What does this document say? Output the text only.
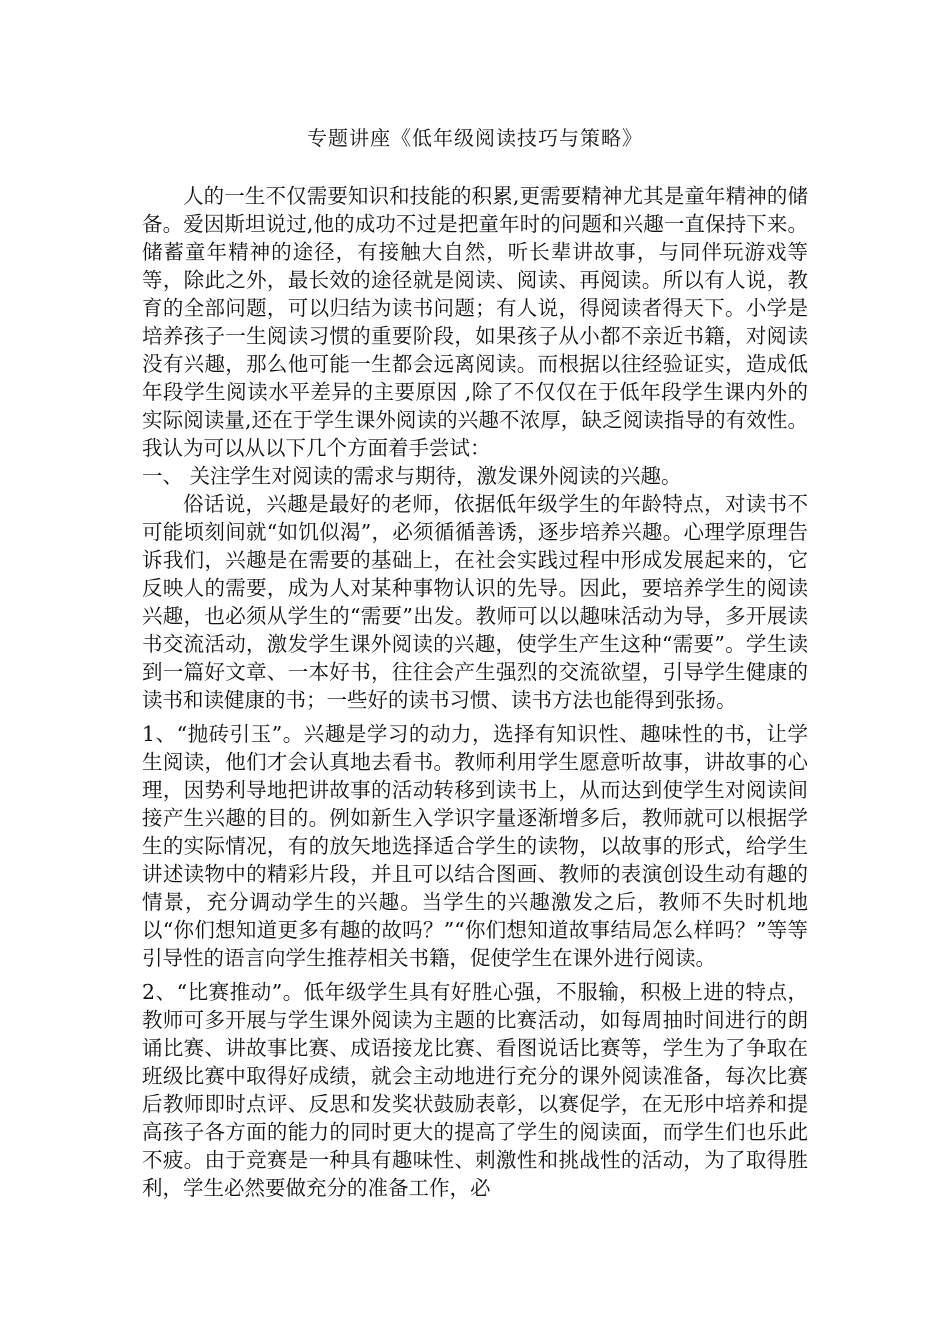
专题讲座《低年级阅读技巧与策略》

人的一生不仅需要知识和技能的积累,更需要精神尤其是童年精神的储备。爱因斯坦说过,他的成功不过是把童年时的问题和兴趣一直保持下来。储蓄童年精神的途径，有接触大自然，听长辈讲故事，与同伴玩游戏等等，除此之外，最长效的途径就是阅读、阅读、再阅读。所以有人说，教育的全部问题，可以归结为读书问题；有人说，得阅读者得天下。小学是培养孩子一生阅读习惯的重要阶段，如果孩子从小都不亲近书籍，对阅读没有兴趣，那么他可能一生都会远离阅读。而根据以往经验证实，造成低年段学生阅读水平差异的主要原因 ,除了不仅仅在于低年段学生课内外的实际阅读量,还在于学生课外阅读的兴趣不浓厚，缺乏阅读指导的有效性。我认为可以从以下几个方面着手尝试：

一、 关注学生对阅读的需求与期待，激发课外阅读的兴趣。

俗话说，兴趣是最好的老师，依据低年级学生的年龄特点，对读书不可能顷刻间就“如饥似渴”，必须循循善诱，逐步培养兴趣。心理学原理告诉我们，兴趣是在需要的基础上，在社会实践过程中形成发展起来的，它反映人的需要，成为人对某种事物认识的先导。因此，要培养学生的阅读兴趣，也必须从学生的“需要”出发。教师可以以趣味活动为导，多开展读书交流活动，激发学生课外阅读的兴趣，使学生产生这种“需要”。学生读到一篇好文章、一本好书，往往会产生强烈的交流欲望，引导学生健康的读书和读健康的书；一些好的读书习惯、读书方法也能得到张扬。

1、“抛砖引玉”。兴趣是学习的动力，选择有知识性、趣味性的书，让学生阅读，他们才会认真地去看书。教师利用学生愿意听故事，讲故事的心理，因势利导地把讲故事的活动转移到读书上，从而达到使学生对阅读间接产生兴趣的目的。例如新生入学识字量逐渐增多后，教师就可以根据学生的实际情况，有的放矢地选择适合学生的读物，以故事的形式，给学生讲述读物中的精彩片段，并且可以结合图画、教师的表演创设生动有趣的情景，充分调动学生的兴趣。当学生的兴趣激发之后，教师不失时机地以“你们想知道更多有趣的故吗？”“你们想知道故事结局怎么样吗？”等等引导性的语言向学生推荐相关书籍，促使学生在课外进行阅读。

2、“比赛推动”。低年级学生具有好胜心强，不服输，积极上进的特点，教师可多开展与学生课外阅读为主题的比赛活动，如每周抽时间进行的朗诵比赛、讲故事比赛、成语接龙比赛、看图说话比赛等，学生为了争取在班级比赛中取得好成绩，就会主动地进行充分的课外阅读准备，每次比赛后教师即时点评、反思和发奖状鼓励表彰，以赛促学，在无形中培养和提高孩子各方面的能力的同时更大的提高了学生的阅读面，而学生们也乐此不疲。由于竞赛是一种具有趣味性、刺激性和挑战性的活动，为了取得胜利，学生必然要做充分的准备工作，必
